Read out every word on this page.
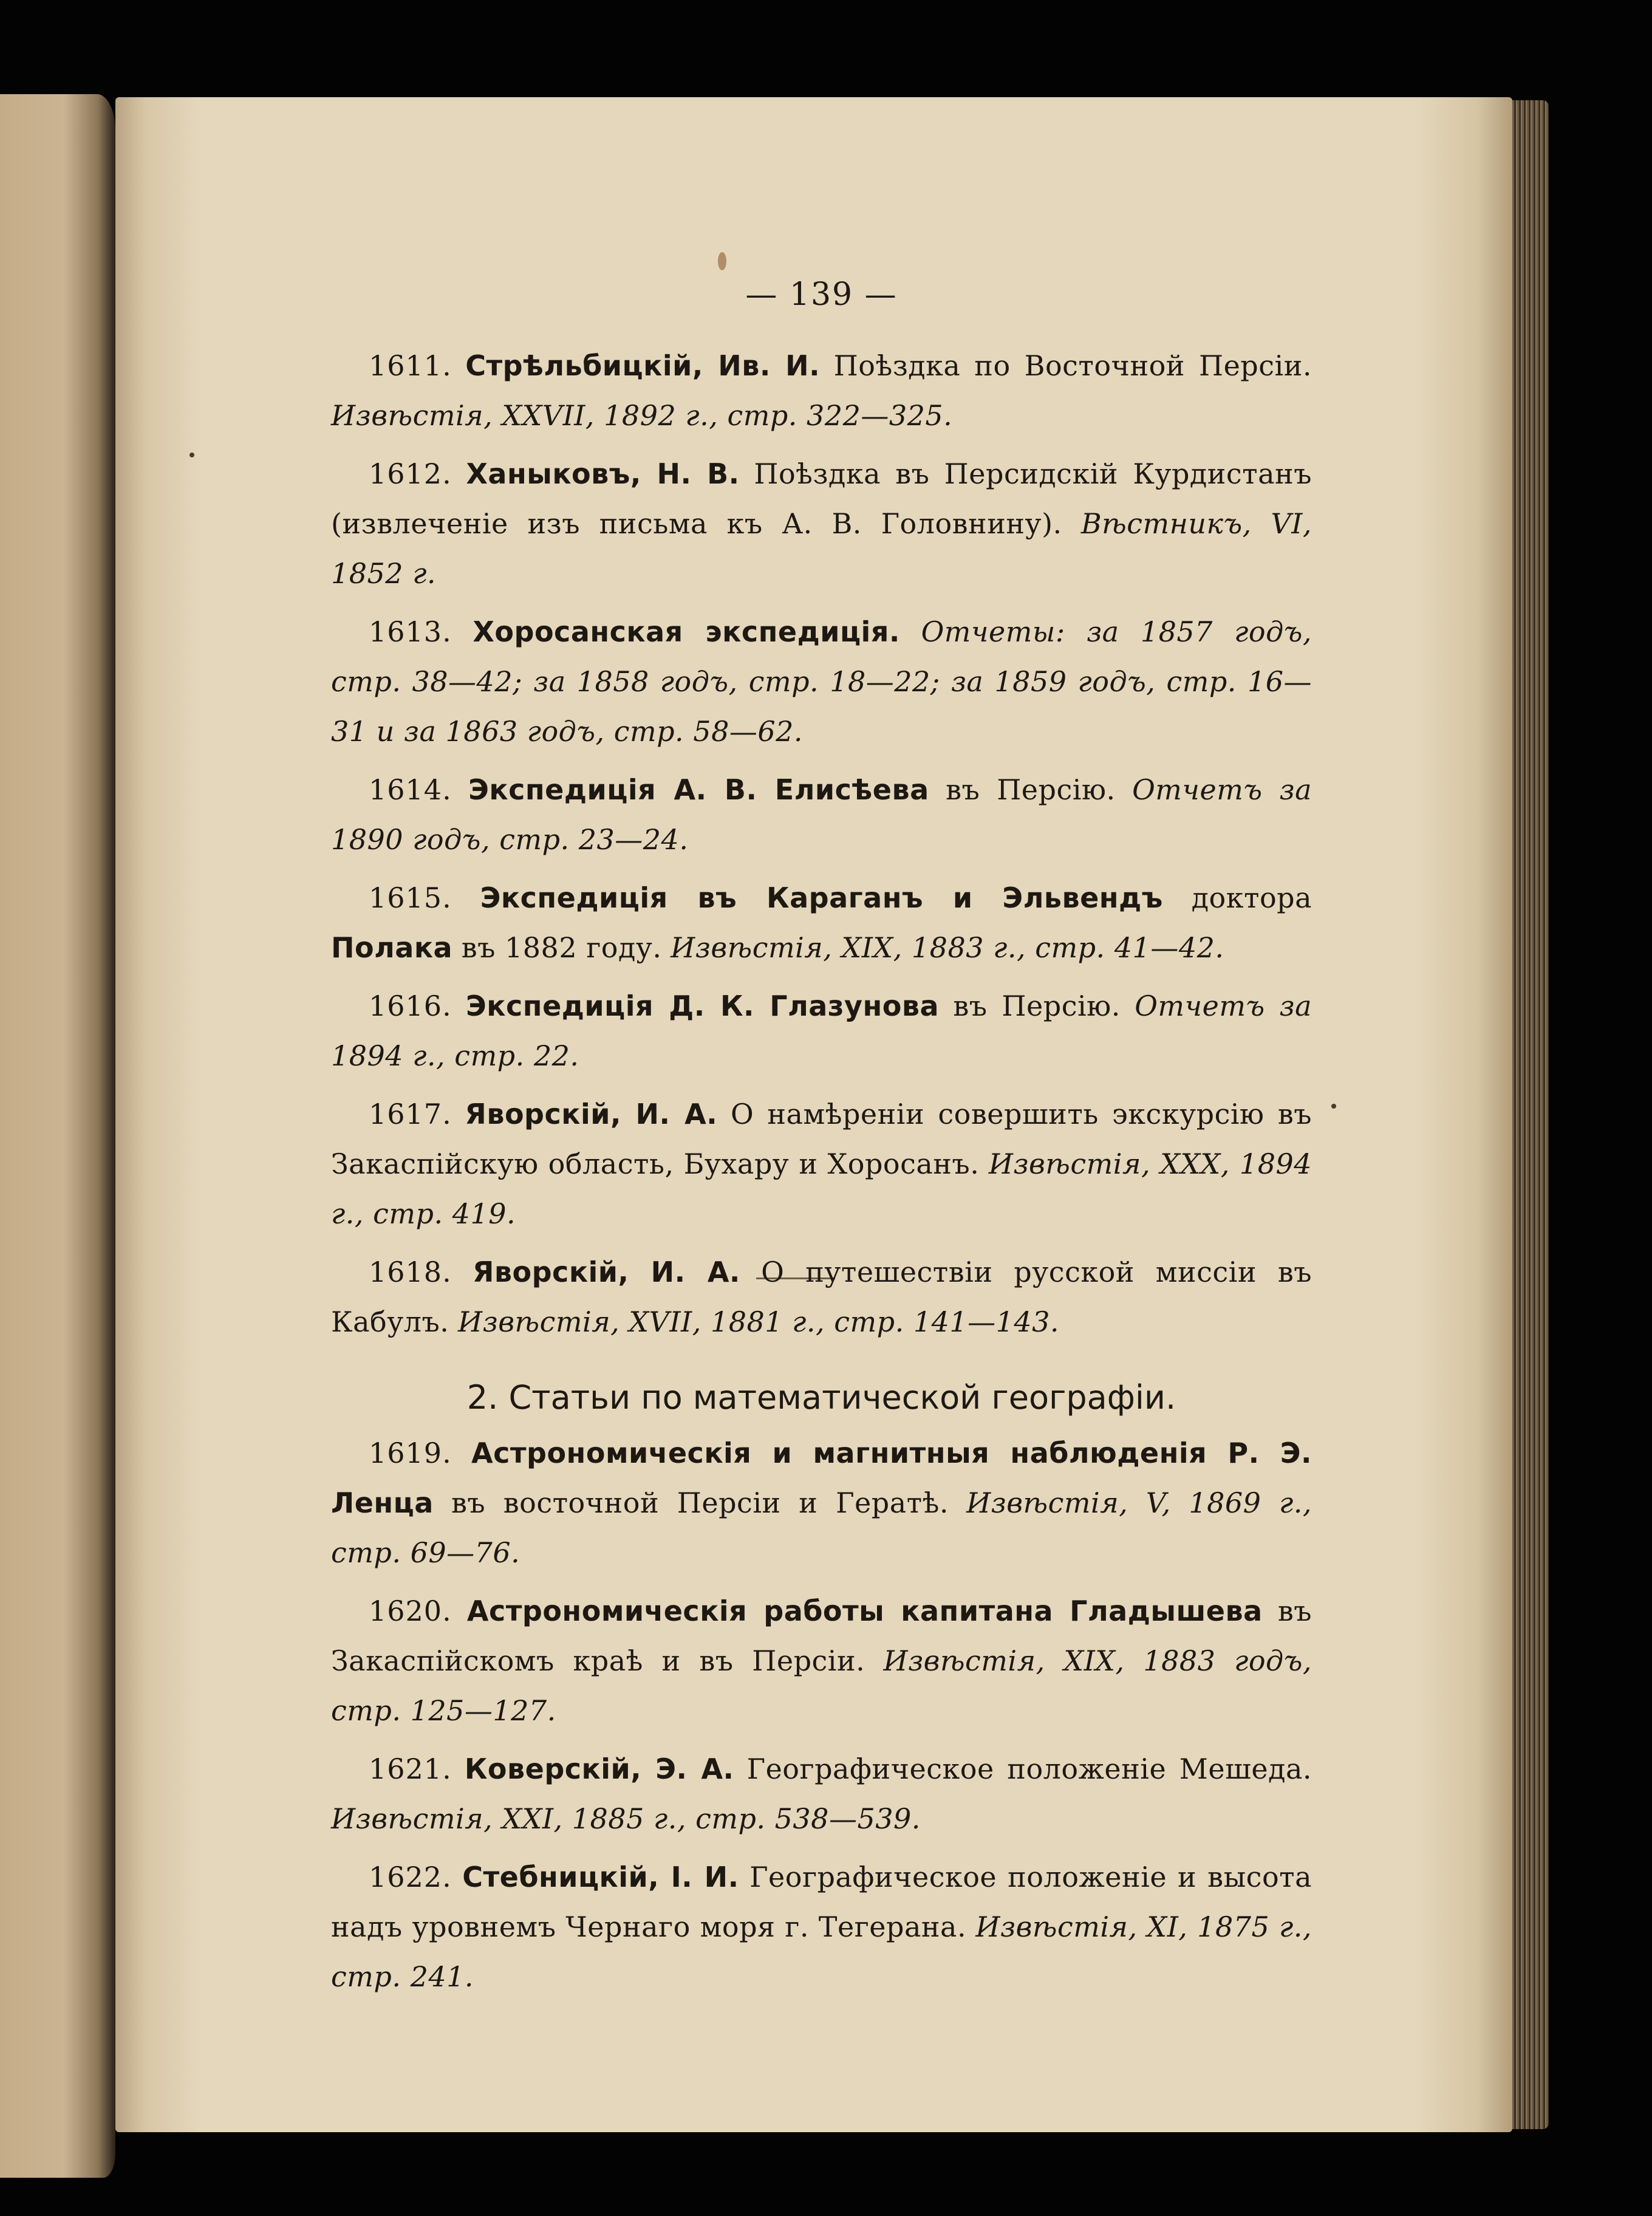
— 139 —

1611. Стрѣльбицкій, Ив. И. Поѣздка по Восточной Персіи. Извѣстія, XXVII, 1892 г., стр. 322—325.

1612. Ханыковъ, Н. В. Поѣздка въ Персидскій Курдистанъ (извлеченіе изъ письма къ А. В. Головнину). Вѣстникъ, VI, 1852 г.

1613. Хоросанская экспедиція. Отчеты: за 1857 годъ, стр. 38—42; за 1858 годъ, стр. 18—22; за 1859 годъ, стр. 16—31 и за 1863 годъ, стр. 58—62.

1614. Экспедиція А. В. Елисѣева въ Персію. Отчетъ за 1890 годъ, стр. 23—24.

1615. Экспедиція въ Караганъ и Эльвендъ доктора Полака въ 1882 году. Извѣстія, XIX, 1883 г., стр. 41—42.

1616. Экспедиція Д. К. Глазунова въ Персію. Отчетъ за 1894 г., стр. 22.

1617. Яворскій, И. А. О намѣреніи совершить экскурсію въ Закаспійскую область, Бухару и Хоросанъ. Извѣстія, XXX, 1894 г., стр. 419.

1618. Яворскій, И. А. О путешествіи русской миссіи въ Кабулъ. Извѣстія, XVII, 1881 г., стр. 141—143.

2. Статьи по математической географіи.

1619. Астрономическія и магнитныя наблюденія Р. Э. Ленца въ восточной Персіи и Гератѣ. Извѣстія, V, 1869 г., стр. 69—76.

1620. Астрономическія работы капитана Гладышева въ Закаспійскомъ краѣ и въ Персіи. Извѣстія, XIX, 1883 годъ, стр. 125—127.

1621. Коверскій, Э. А. Географическое положеніе Мешеда. Извѣстія, XXI, 1885 г., стр. 538—539.

1622. Стебницкій, І. И. Географическое положеніе и высота надъ уровнемъ Чернаго моря г. Тегерана. Извѣстія, XI, 1875 г., стр. 241.
